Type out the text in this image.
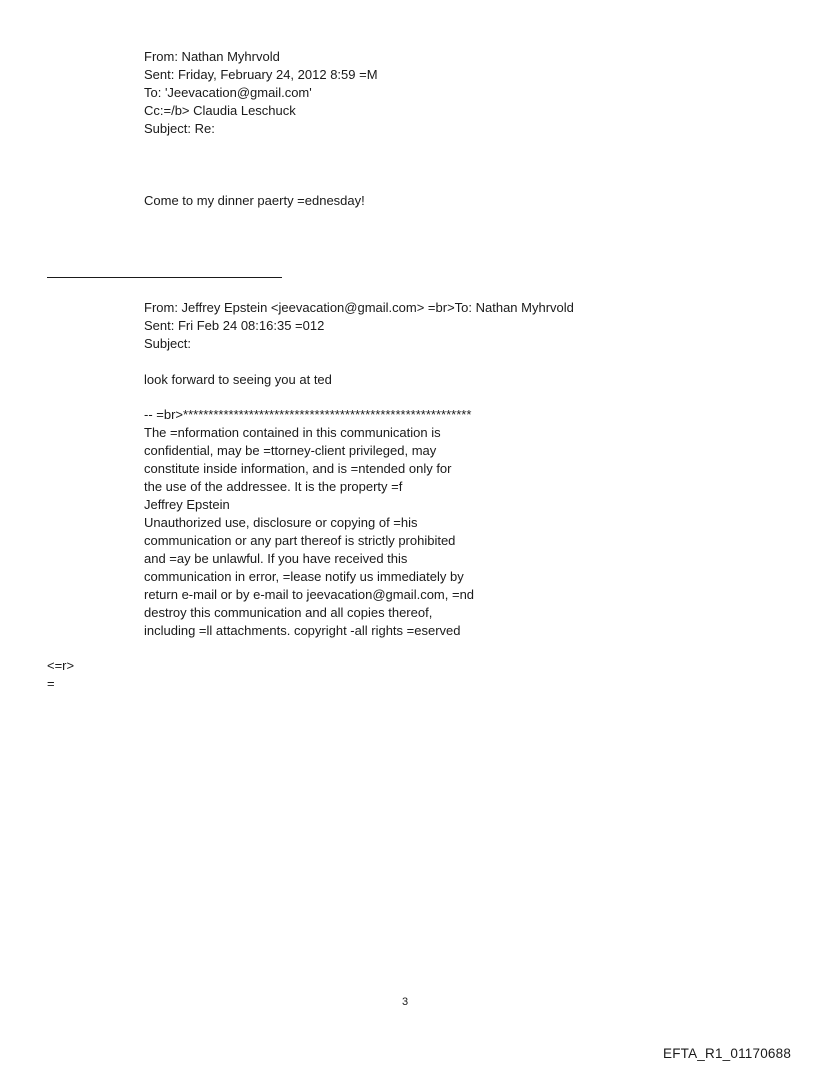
From: Nathan Myhrvold
Sent: Friday, February 24, 2012 8:59 =M
To: 'Jeevacation@gmail.com'
Cc:=/b> Claudia Leschuck
Subject: Re:
Come to my dinner paerty =ednesday!
From: Jeffrey Epstein <jeevacation@gmail.com> =br>To: Nathan Myhrvold
Sent: Fri Feb 24 08:16:35 =012
Subject:
look forward to seeing you at ted
-- =br>*********************************************************
The =nformation contained in this communication is
confidential, may be =ttorney-client privileged, may
constitute inside information, and is =ntended only for
the use of the addressee. It is the property =f
Jeffrey Epstein
Unauthorized use, disclosure or copying of =his
communication or any part thereof is strictly prohibited
and =ay be unlawful. If you have received this
communication in error, =lease notify us immediately by
return e-mail or by e-mail to jeevacation@gmail.com, =nd
destroy this communication and all copies thereof,
including =ll attachments. copyright -all rights =eserved
<=r>
=
3
EFTA_R1_01170688
